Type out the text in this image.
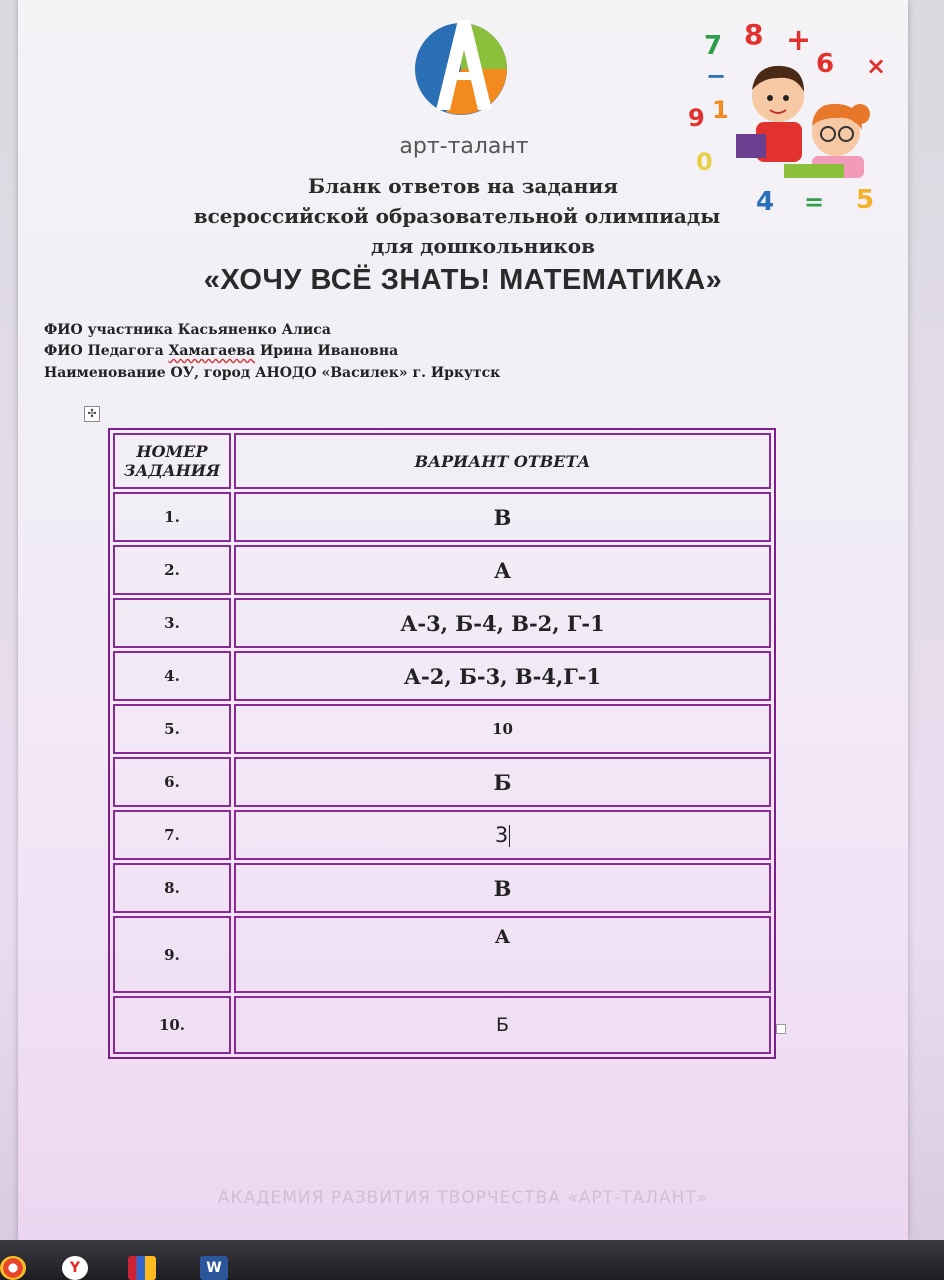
арт-талант
7 8 +
6 ×
−
9 1
0
4 = 5
Бланк ответов на задания
всероссийской образовательной олимпиады
для дошкольников
«ХОЧУ ВСЁ ЗНАТЬ! МАТЕМАТИКА»
ФИО участника Касьяненко Алиса
ФИО Педагога Хамагаева Ирина Ивановна
Наименование ОУ, город АНОДО «Василек» г. Иркутск
✣
НОМЕР ЗАДАНИЯ	ВАРИАНТ ОТВЕТА
1.	В
2.	А
3.	А-3, Б-4, В-2, Г-1
4.	А-2, Б-3, В-4,Г-1
5.	10
6.	Б
7.	3
8.	В
9.	А
10.	Б
АКАДЕМИЯ РАЗВИТИЯ ТВОРЧЕСТВА «АРТ-ТАЛАНТ»
Y	W
